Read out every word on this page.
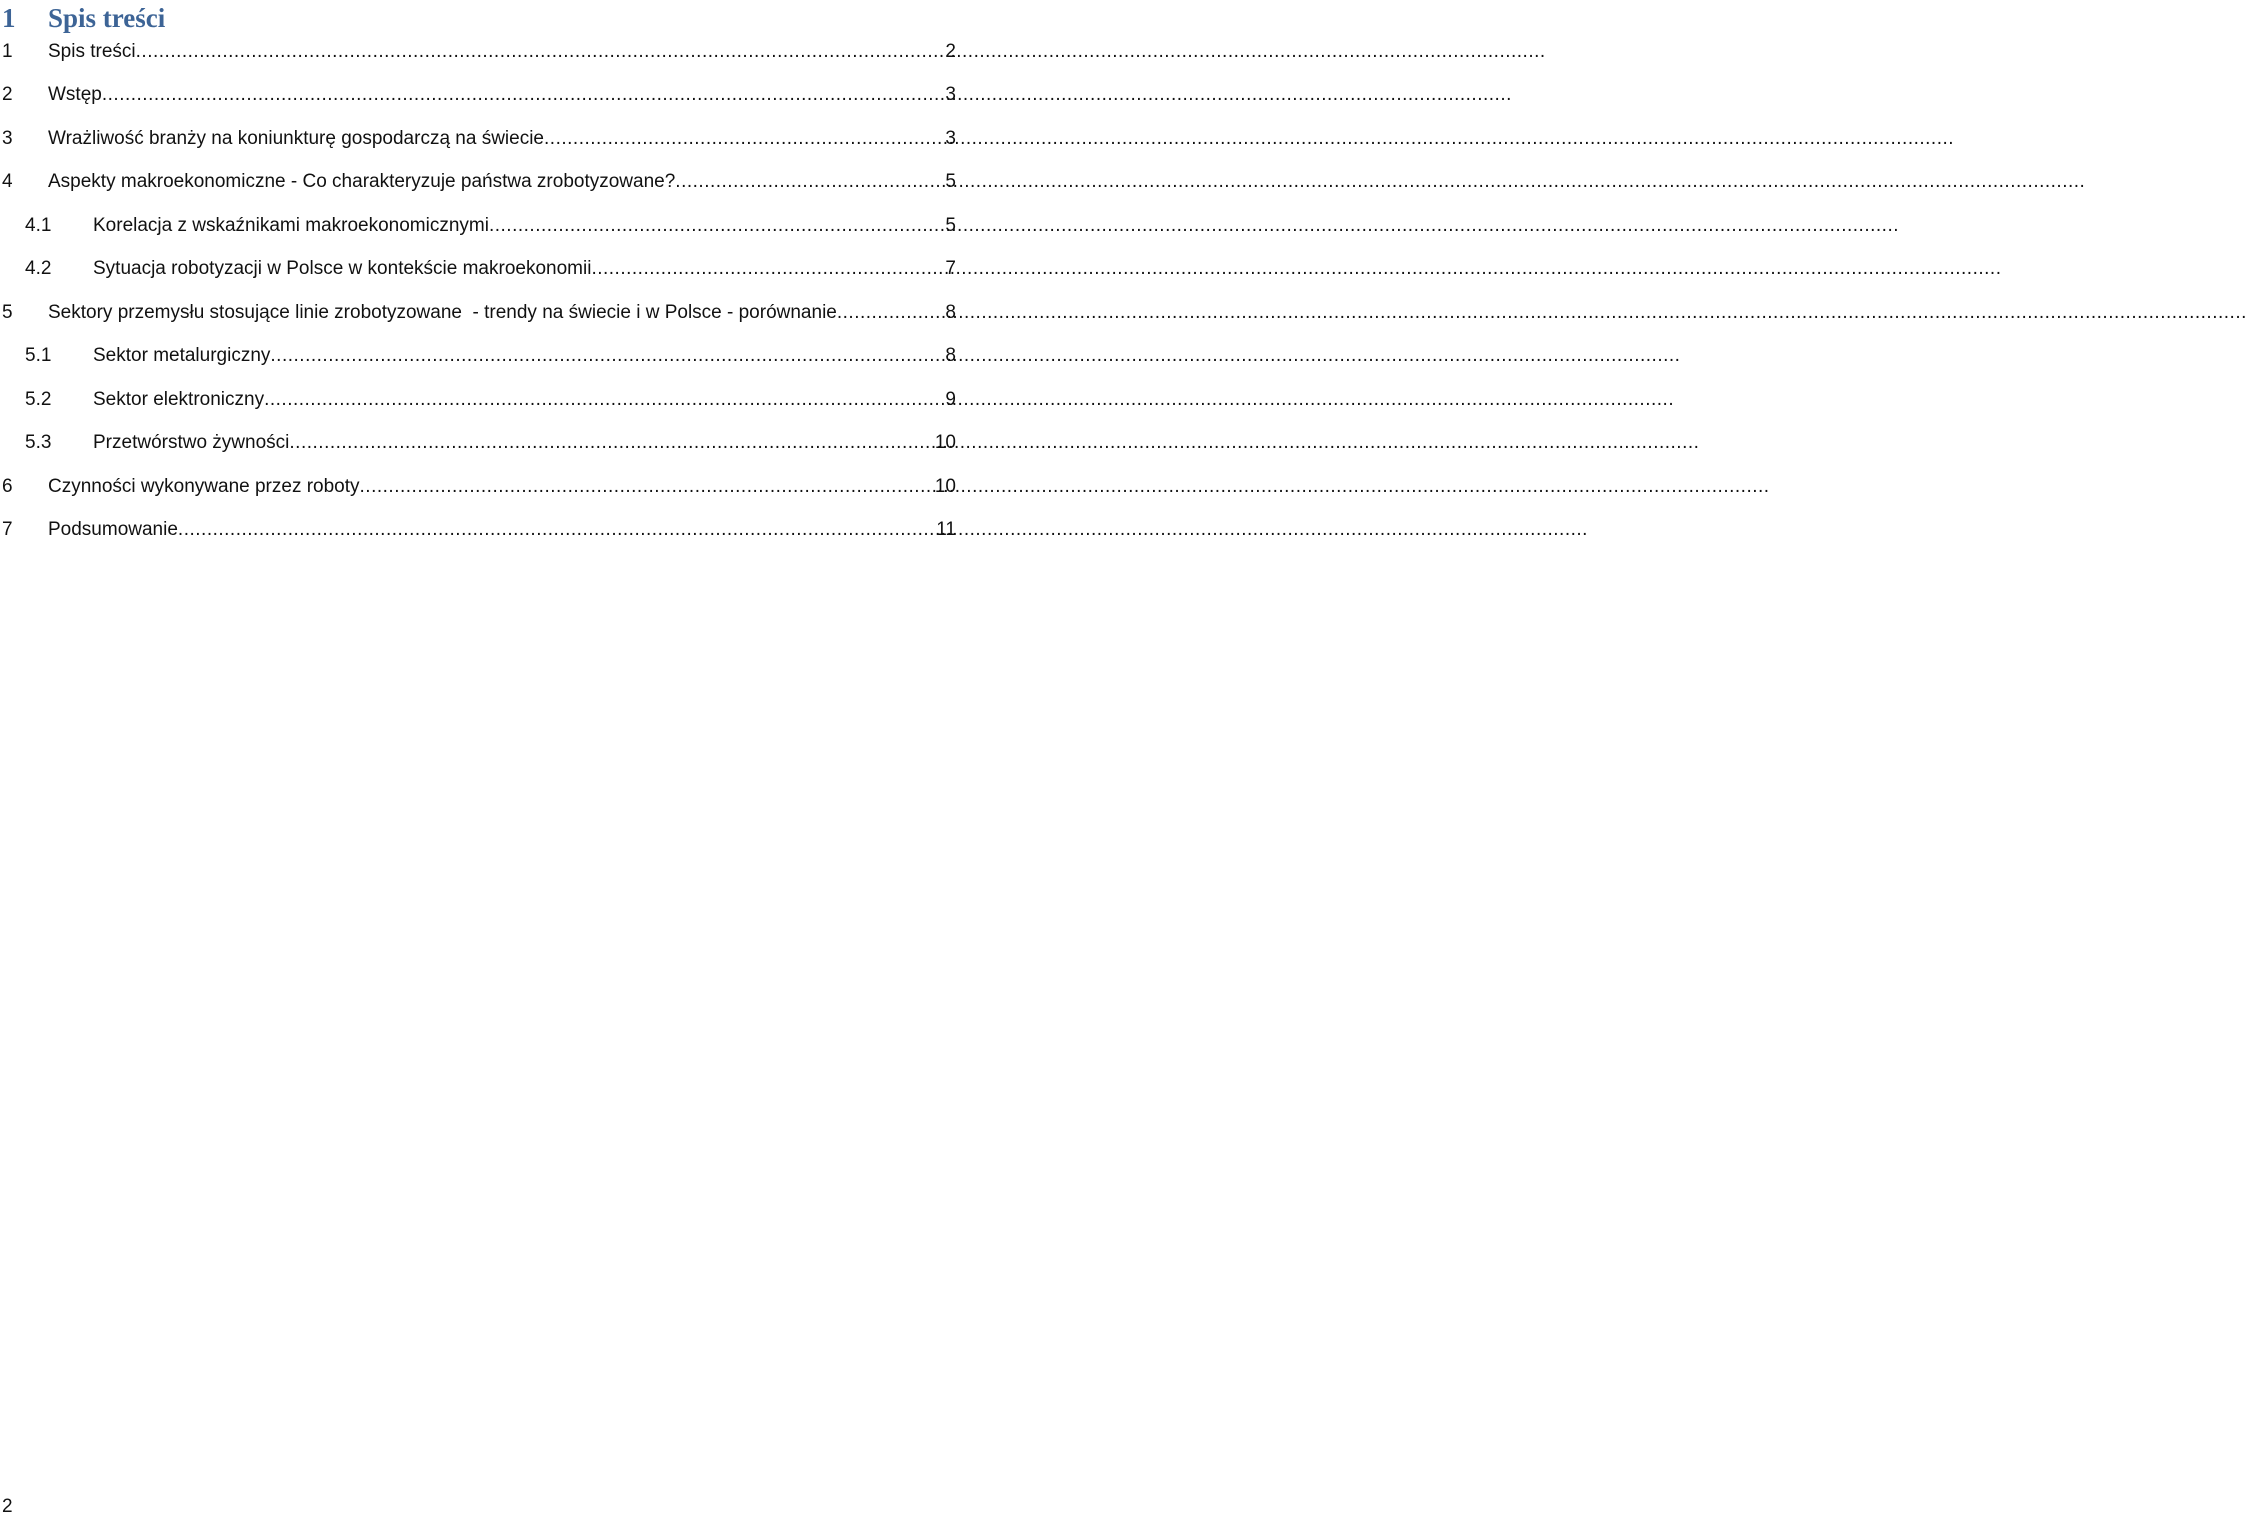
1	Spis treści
1	Spis treści .....	2
2	Wstęp .....	3
3	Wrażliwość branży na koniunkturę gospodarczą na świecie .....	3
4	Aspekty makroekonomiczne - Co charakteryzuje państwa zrobotyzowane? .....	5
4.1	Korelacja z wskaźnikami makroekonomicznymi .....	5
4.2	Sytuacja robotyzacji w Polsce w kontekście makroekonomii .....	7
5	Sektory przemysłu stosujące linie zrobotyzowane  - trendy na świecie i w Polsce - porównanie .....	8
5.1	Sektor metalurgiczny .....	8
5.2	Sektor elektroniczny .....	9
5.3	Przetwórstwo żywności .....	10
6	Czynności wykonywane przez roboty .....	10
7	Podsumowanie .....	11
2
